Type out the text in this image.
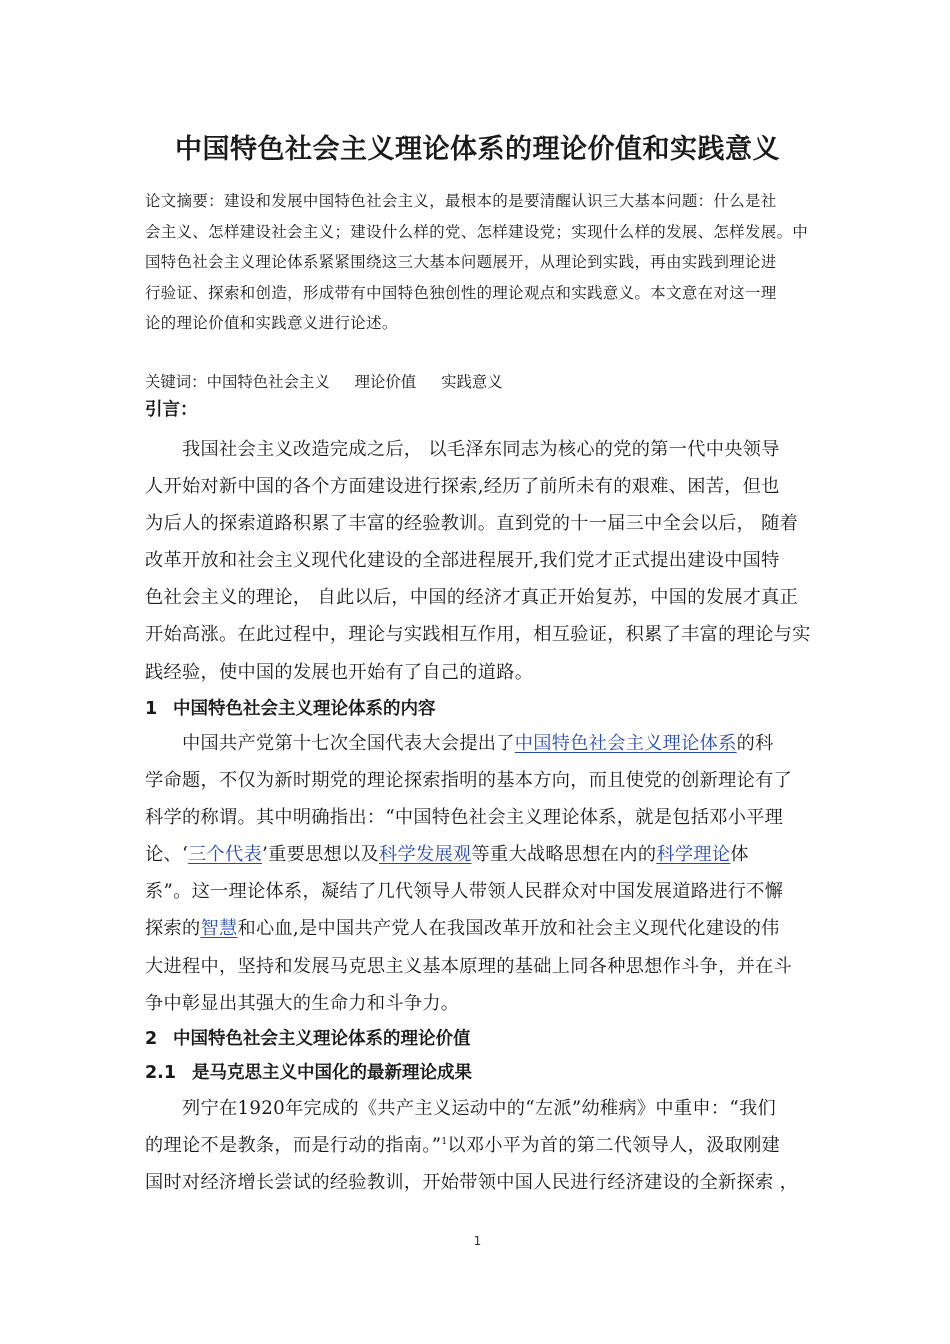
中国特色社会主义理论体系的理论价值和实践意义
论文摘要：建设和发展中国特色社会主义，最根本的是要清醒认识三大基本问题：什么是社
会主义、怎样建设社会主义；建设什么样的党、怎样建设党；实现什么样的发展、怎样发展。中
国特色社会主义理论体系紧紧围绕这三大基本问题展开，从理论到实践，再由实践到理论进
行验证、探索和创造，形成带有中国特色独创性的理论观点和实践意义。本文意在对这一理
论的理论价值和实践意义进行论述。
关键词：中国特色社会主义 理论价值 实践意义
引言：
我国社会主义改造完成之后， 以毛泽东同志为核心的党的第一代中央领导
人开始对新中国的各个方面建设进行探索,经历了前所未有的艰难、困苦，但也
为后人的探索道路积累了丰富的经验教训。直到党的十一届三中全会以后， 随着
改革开放和社会主义现代化建设的全部进程展开,我们党才正式提出建设中国特
色社会主义的理论， 自此以后，中国的经济才真正开始复苏，中国的发展才真正
开始高涨。在此过程中，理论与实践相互作用，相互验证，积累了丰富的理论与实
践经验，使中国的发展也开始有了自己的道路。
1 中国特色社会主义理论体系的内容
中国共产党第十七次全国代表大会提出了中国特色社会主义理论体系的科
学命题，不仅为新时期党的理论探索指明的基本方向，而且使党的创新理论有了
科学的称谓。其中明确指出：“中国特色社会主义理论体系，就是包括邓小平理
论、‘三个代表’重要思想以及科学发展观等重大战略思想在内的科学理论体
系”。这一理论体系，凝结了几代领导人带领人民群众对中国发展道路进行不懈
探索的智慧和心血,是中国共产党人在我国改革开放和社会主义现代化建设的伟
大进程中，坚持和发展马克思主义基本原理的基础上同各种思想作斗争，并在斗
争中彰显出其强大的生命力和斗争力。
2 中国特色社会主义理论体系的理论价值
2.1 是马克思主义中国化的最新理论成果
列宁在1920年完成的《共产主义运动中的“左派”幼稚病》中重申：“我们
的理论不是教条，而是行动的指南。”$^1$以邓小平为首的第二代领导人，汲取刚建
国时对经济增长尝试的经验教训，开始带领中国人民进行经济建设的全新探索 ，
1
